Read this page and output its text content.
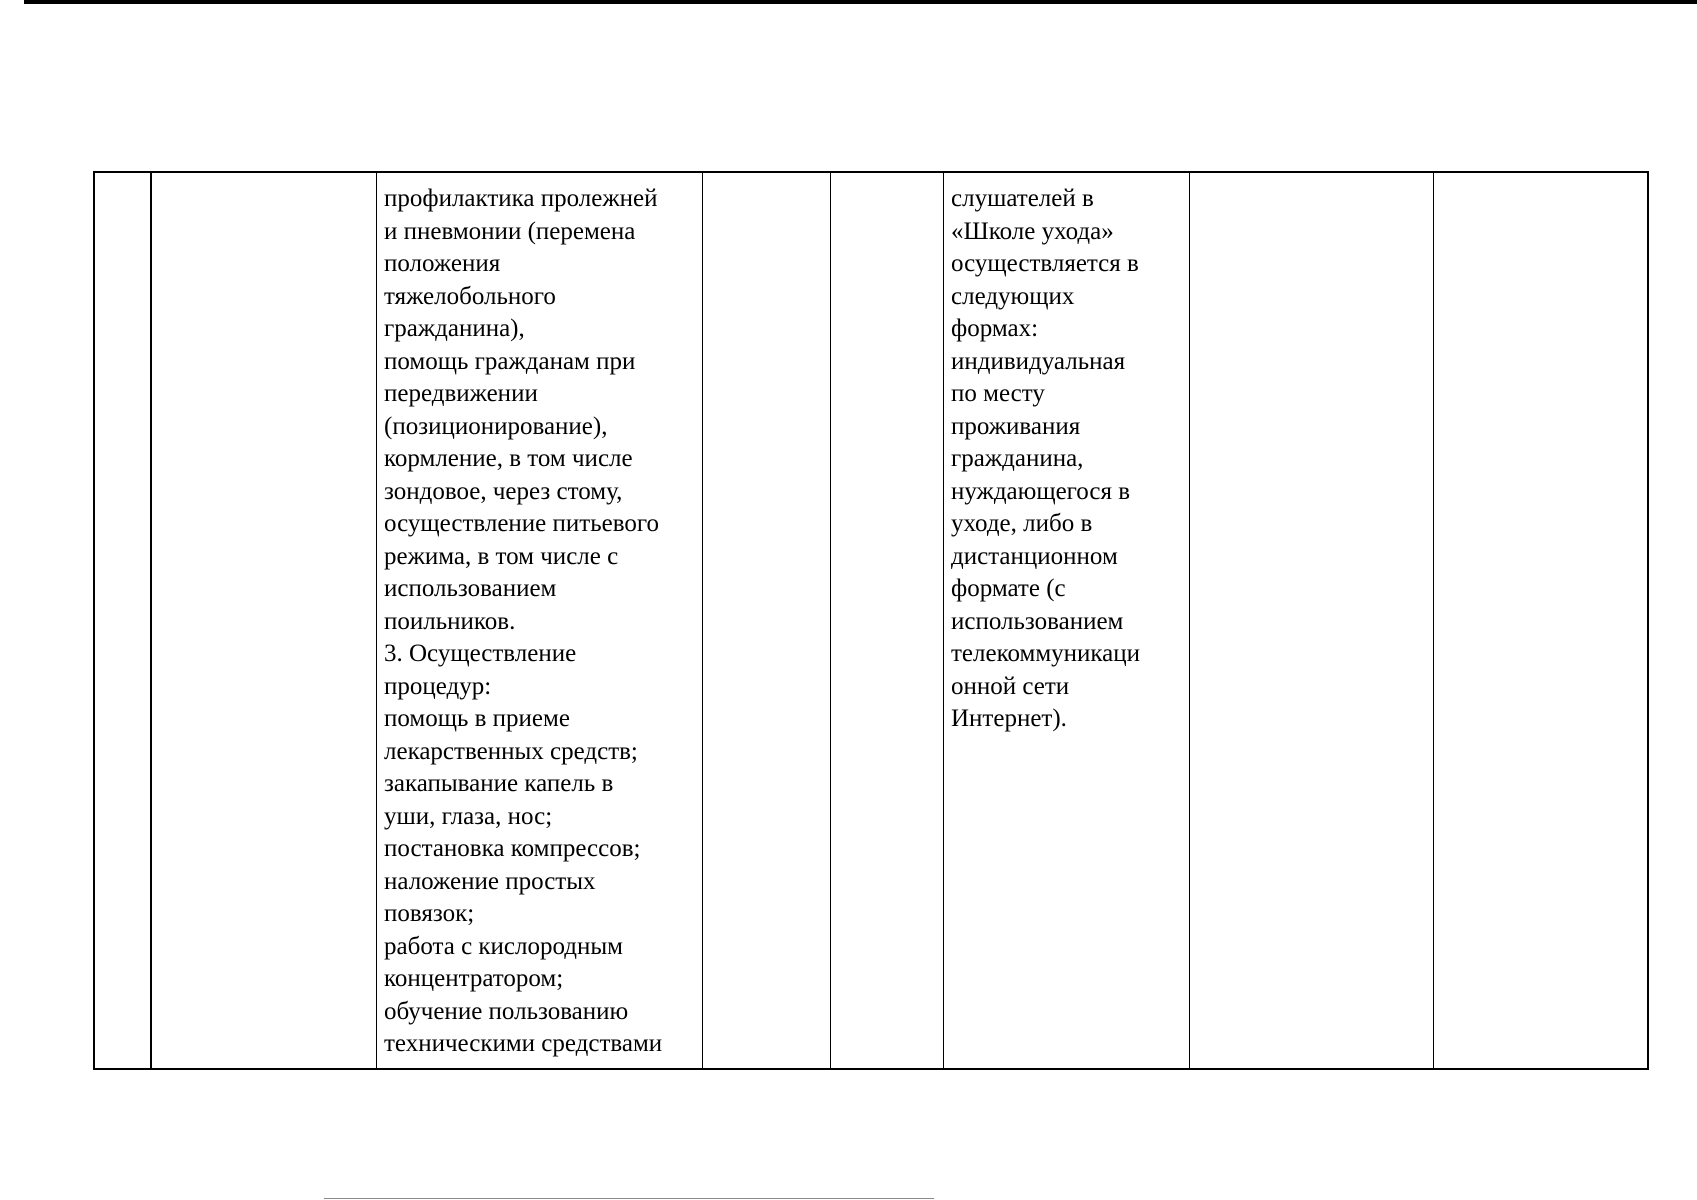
профилактика пролежней
и пневмонии (перемена
положения
тяжелобольного
гражданина),
помощь гражданам при
передвижении
(позиционирование),
кормление, в том числе
зондовое, через стому,
осуществление питьевого
режима, в том числе с
использованием
поильников.
3. Осуществление
процедур:
помощь в приеме
лекарственных средств;
закапывание капель в
уши, глаза, нос;
постановка компрессов;
наложение простых
повязок;
работа с кислородным
концентратором;
обучение пользованию
техническими средствами
слушателей в
«Школе ухода»
осуществляется в
следующих
формах:
индивидуальная
по месту
проживания
гражданина,
нуждающегося в
уходе, либо в
дистанционном
формате (с
использованием
телекоммуникаци
онной сети
Интернет).
